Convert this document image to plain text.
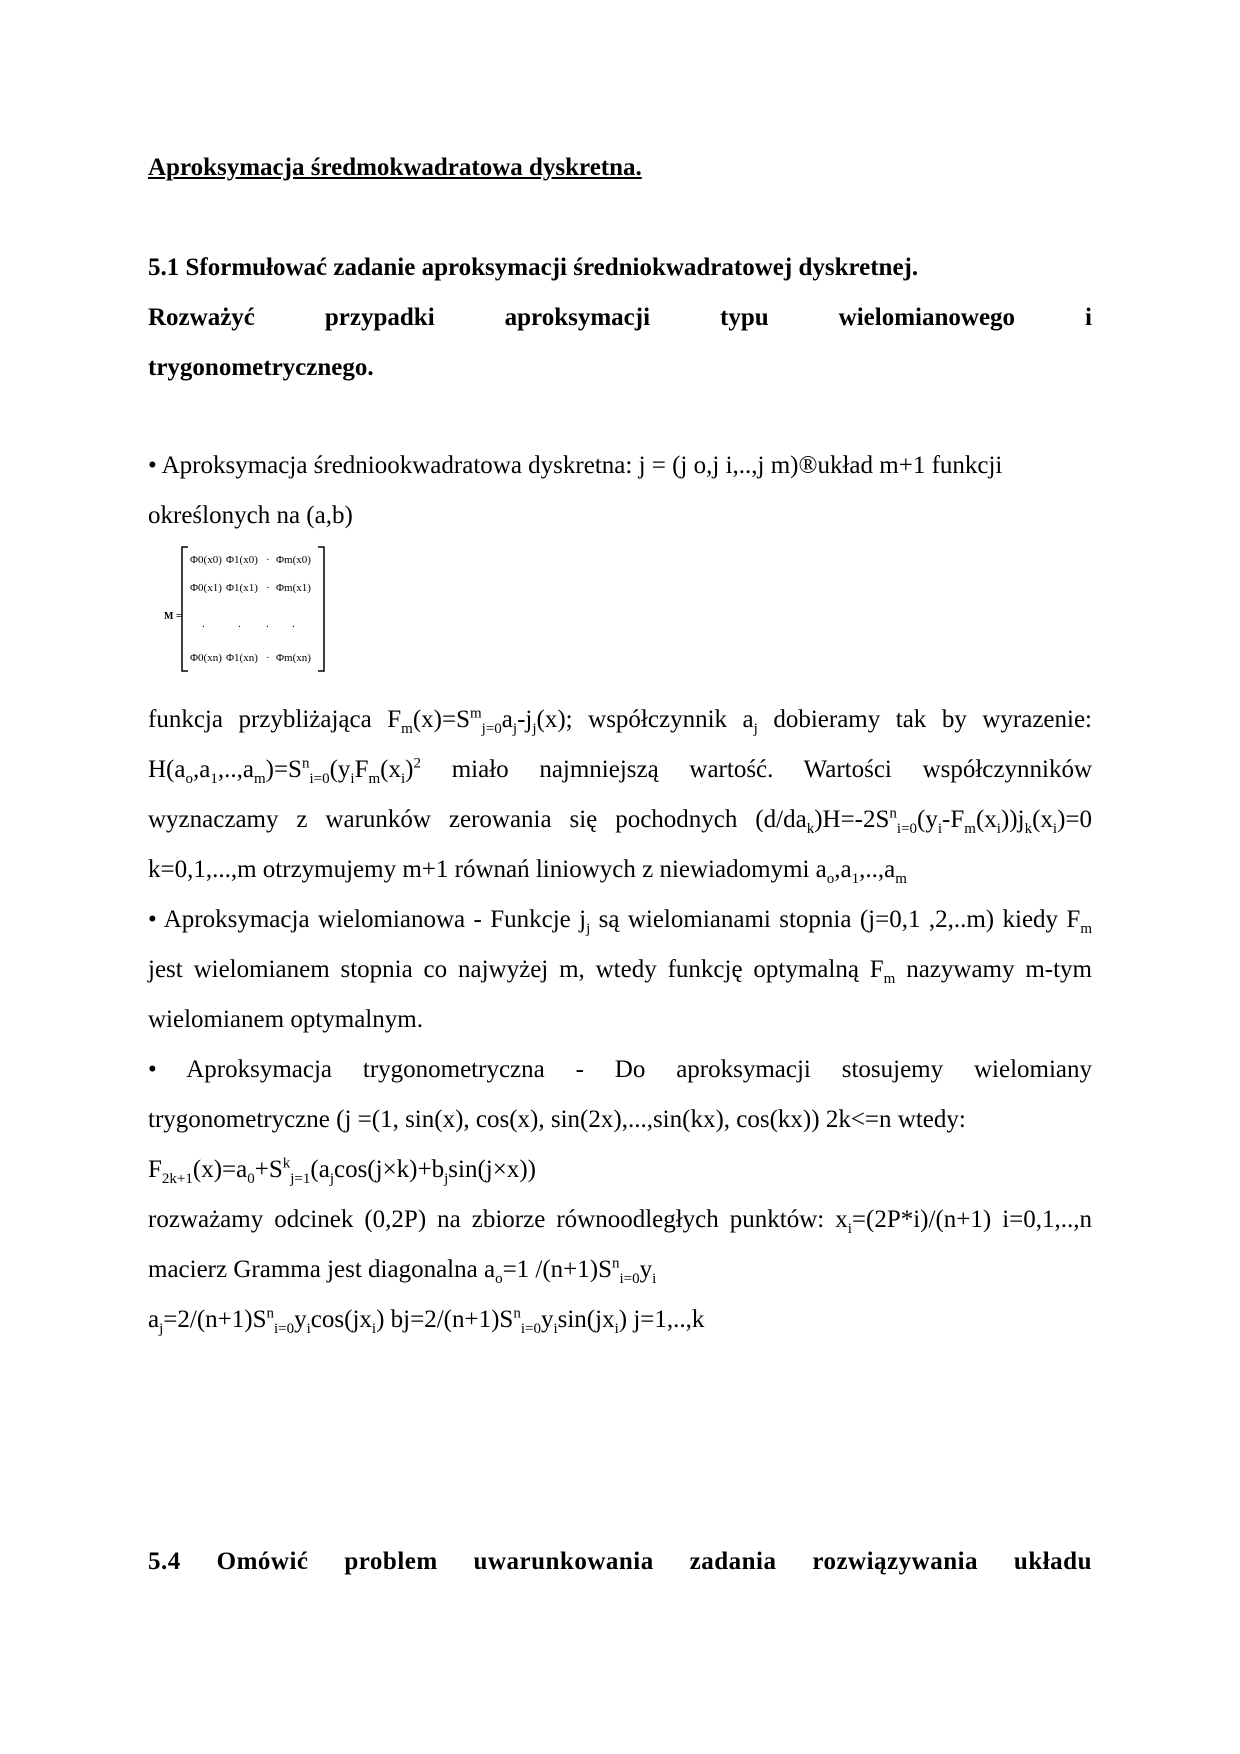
Aproksymacja średmokwadratowa dyskretna.

5.1 Sformułować zadanie aproksymacji średniokwadratowej dyskretnej.

Rozważyć przypadki aproksymacji typu wielomianowego i

trygonometrycznego.

• Aproksymacja średniookwadratowa dyskretna: j = (j o,j i,..,j m)®układ m+1 funkcji

określonych na (a,b)

M =
Φ0(x0) Φ1(x0) · Φm(x0)
Φ0(x1) Φ1(x1) · Φm(x1)
.	. . .
Φ0(xn) Φ1(xn) · Φm(xn)

funkcja przybliżająca $F_m(x)=S^m_{j=0}a_j-j_j(x)$; współczynnik $a_j$ dobieramy tak by wyrazenie: $H(a_o,a_1,..,a_m)=S^n_{i=0}(y_iF_m(x_i)^2$ miało najmniejszą wartość. Wartości współczynników wyznaczamy z warunków zerowania się pochodnych $(d/da_k)H=-2S^n_{i=0}(y_i-F_m(x_i))j_k(x_i)=0$ k=0,1,...,m otrzymujemy m+1 równań liniowych z niewiadomymi $a_o,a_1,..,a_m$

• Aproksymacja wielomianowa - Funkcje $j_j$ są wielomianami stopnia (j=0,1 ,2,..m) kiedy $F_m$ jest wielomianem stopnia co najwyżej m, wtedy funkcję optymalną $F_m$ nazywamy m-tym wielomianem optymalnym.

• Aproksymacja trygonometryczna - Do aproksymacji stosujemy wielomiany trygonometryczne (j =(1, sin(x), cos(x), sin(2x),...,sin(kx), cos(kx)) 2k<=n wtedy:

$F_{2k+1}(x)=a_0+S^k_{j=1}(a_j\cos(j\times k)+b_j\sin(j\times x))$

rozważamy odcinek (0,2P) na zbiorze równoodległych punktów: $x_i=(2P*i)/(n+1)$ i=0,1,..,n macierz Gramma jest diagonalna $a_o=1$ $/(n+1)S^n_{i=0}y_i$

$a_j=2/(n+1)S^n_{i=0}y_i\cos(jx_i)$ $bj=2/(n+1)S^n_{i=0}y_i\sin(jx_i)$ j=1,..,k

5.4 Omówić problem uwarunkowania zadania rozwiązywania układu
